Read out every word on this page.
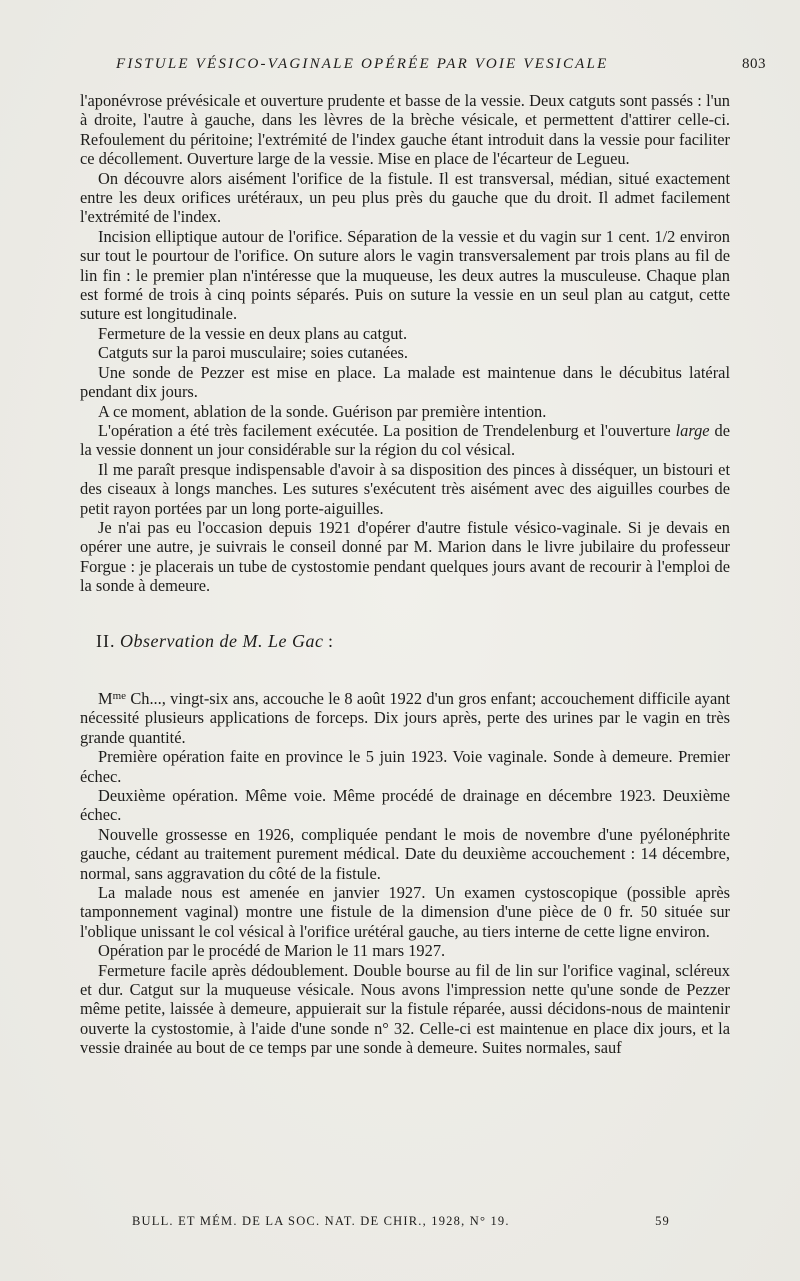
FISTULE VÉSICO-VAGINALE OPÉRÉE PAR VOIE VESICALE	803

l'aponévrose prévésicale et ouverture prudente et basse de la vessie. Deux catguts sont passés : l'un à droite, l'autre à gauche, dans les lèvres de la brèche vésicale, et permettent d'attirer celle-ci. Refoulement du péritoine; l'extrémité de l'index gauche étant introduit dans la vessie pour faciliter ce décollement. Ouverture large de la vessie. Mise en place de l'écarteur de Legueu.

On découvre alors aisément l'orifice de la fistule. Il est transversal, médian, situé exactement entre les deux orifices urétéraux, un peu plus près du gauche que du droit. Il admet facilement l'extrémité de l'index.

Incision elliptique autour de l'orifice. Séparation de la vessie et du vagin sur 1 cent. 1/2 environ sur tout le pourtour de l'orifice. On suture alors le vagin transversalement par trois plans au fil de lin fin : le premier plan n'intéresse que la muqueuse, les deux autres la musculeuse. Chaque plan est formé de trois à cinq points séparés. Puis on suture la vessie en un seul plan au catgut, cette suture est longitudinale.

Fermeture de la vessie en deux plans au catgut.

Catguts sur la paroi musculaire; soies cutanées.

Une sonde de Pezzer est mise en place. La malade est maintenue dans le décubitus latéral pendant dix jours.

A ce moment, ablation de la sonde. Guérison par première intention.

L'opération a été très facilement exécutée. La position de Trendelenburg et l'ouverture large de la vessie donnent un jour considérable sur la région du col vésical.

Il me paraît presque indispensable d'avoir à sa disposition des pinces à disséquer, un bistouri et des ciseaux à longs manches. Les sutures s'exécutent très aisément avec des aiguilles courbes de petit rayon portées par un long porte-aiguilles.

Je n'ai pas eu l'occasion depuis 1921 d'opérer d'autre fistule vésico-vaginale. Si je devais en opérer une autre, je suivrais le conseil donné par M. Marion dans le livre jubilaire du professeur Forgue : je placerais un tube de cystostomie pendant quelques jours avant de recourir à l'emploi de la sonde à demeure.

II. Observation de M. Le Gac :

$M^{me}$ Ch..., vingt-six ans, accouche le 8 août 1922 d'un gros enfant; accouchement difficile ayant nécessité plusieurs applications de forceps. Dix jours après, perte des urines par le vagin en très grande quantité.

Première opération faite en province le 5 juin 1923. Voie vaginale. Sonde à demeure. Premier échec.

Deuxième opération. Même voie. Même procédé de drainage en décembre 1923. Deuxième échec.

Nouvelle grossesse en 1926, compliquée pendant le mois de novembre d'une pyélonéphrite gauche, cédant au traitement purement médical. Date du deuxième accouchement : 14 décembre, normal, sans aggravation du côté de la fistule.

La malade nous est amenée en janvier 1927. Un examen cystoscopique (possible après tamponnement vaginal) montre une fistule de la dimension d'une pièce de 0 fr. 50 située sur l'oblique unissant le col vésical à l'orifice urétéral gauche, au tiers interne de cette ligne environ.

Opération par le procédé de Marion le 11 mars 1927.

Fermeture facile après dédoublement. Double bourse au fil de lin sur l'orifice vaginal, scléreux et dur. Catgut sur la muqueuse vésicale. Nous avons l'impression nette qu'une sonde de Pezzer même petite, laissée à demeure, appuierait sur la fistule réparée, aussi décidons-nous de maintenir ouverte la cystostomie, à l'aide d'une sonde n° 32. Celle-ci est maintenue en place dix jours, et la vessie drainée au bout de ce temps par une sonde à demeure. Suites normales, sauf

BULL. ET MÉM. DE LA SOC. NAT. DE CHIR., 1928, N° 19.	59
